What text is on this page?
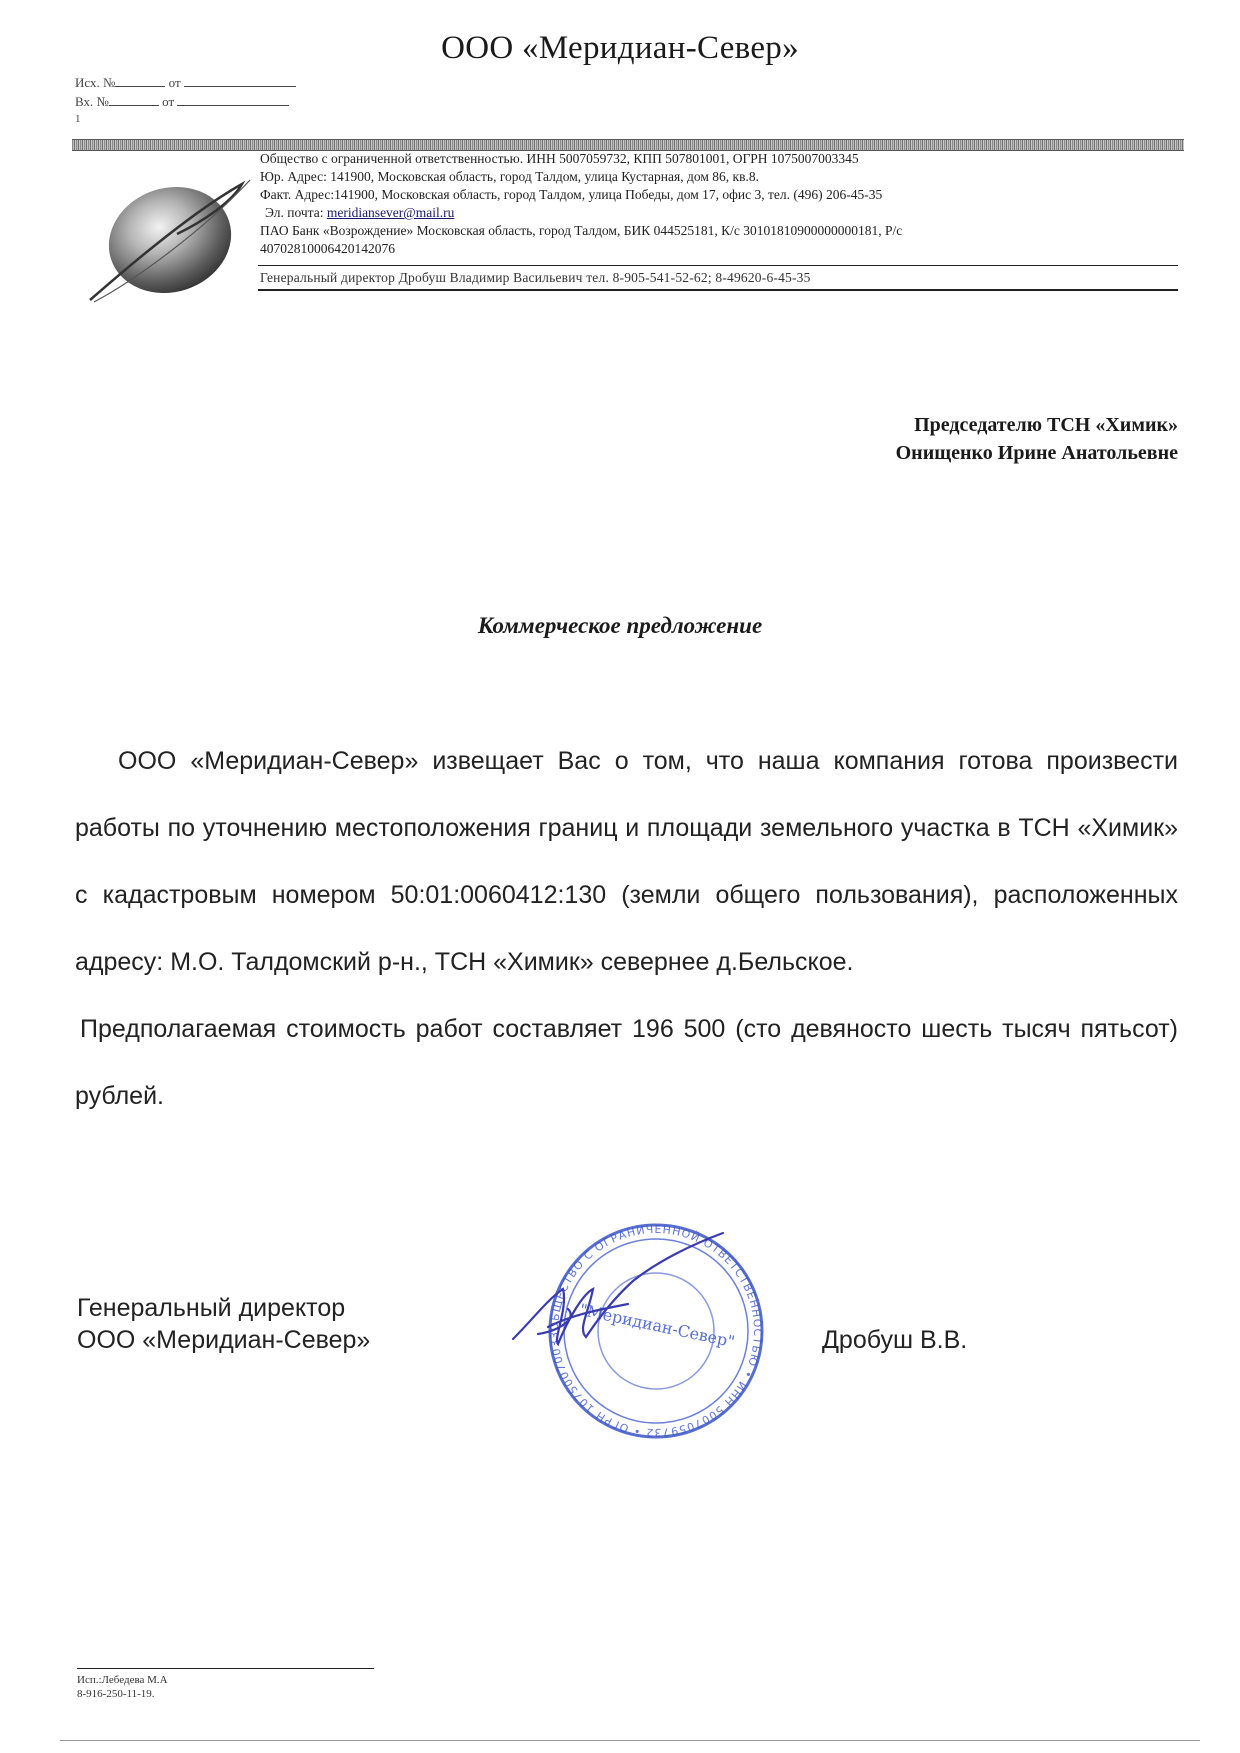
ООО «Меридиан-Север»
Исх. №	от
Вх. №	от
1
Общество с ограниченной ответственностью. ИНН 5007059732, КПП 507801001, ОГРН 1075007003345
Юр. Адрес: 141900, Московская область, город Талдом, улица Кустарная, дом 86, кв.8.
Факт. Адрес:141900, Московская область, город Талдом, улица Победы, дом 17, офис 3, тел. (496) 206-45-35
Эл. почта: meridiansever@mail.ru
ПАО Банк «Возрождение» Московская область, город Талдом, БИК 044525181, К/с 30101810900000000181, Р/с
40702810006420142076
Генеральный директор Дробуш Владимир Васильевич тел. 8-905-541-52-62; 8-49620-6-45-35
Председателю ТСН «Химик»
Онищенко Ирине Анатольевне
Коммерческое предложение

ООО «Меридиан-Север» извещает Вас о том, что наша компания готова произвести работы по уточнению местоположения границ и площади земельного участка в ТСН «Химик» с кадастровым номером 50:01:0060412:130 (земли общего пользования), расположенных адресу: М.О. Талдомский р-н., ТСН «Химик» севернее д.Бельское.

Предполагаемая стоимость работ составляет 196 500 (сто девяносто шесть тысяч пятьсот) рублей.

Генеральный директор
ООО «Меридиан-Север»	Дробуш В.В.
ОБЩЕСТВО С ОГРАНИЧЕННОЙ ОТВЕТСТВЕННОСТЬЮ • ИНН 5007059732 • ОГРН 10750070033	"Меридиан-Север"
Исп.:Лебедева М.А
8-916-250-11-19.
